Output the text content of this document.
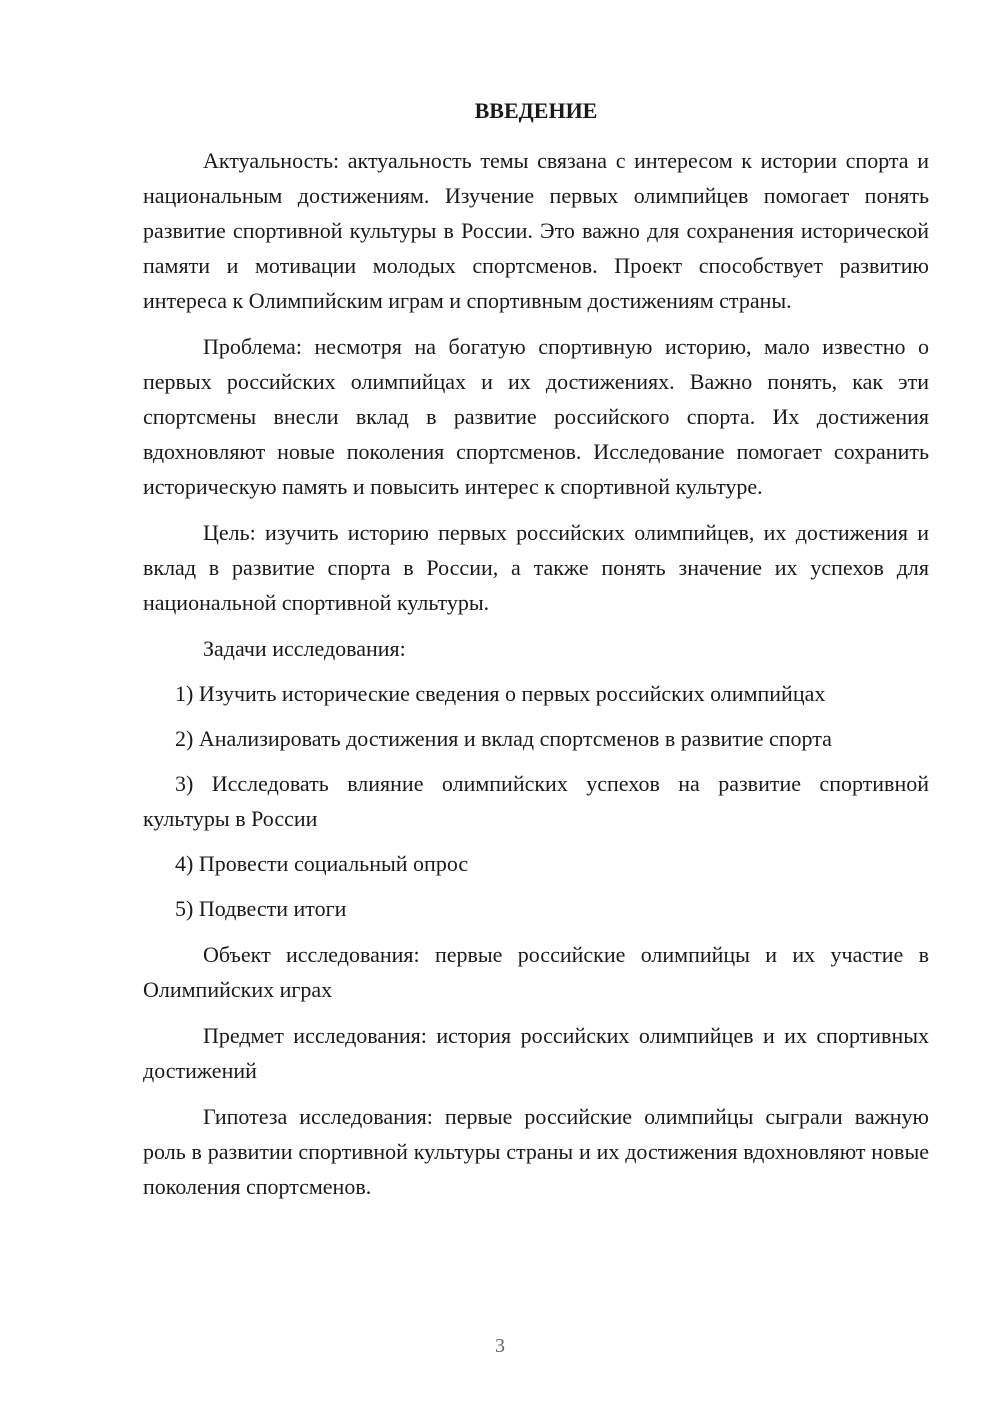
ВВЕДЕНИЕ

Актуальность: актуальность темы связана с интересом к истории спорта и национальным достижениям. Изучение первых олимпийцев помогает понять развитие спортивной культуры в России. Это важно для сохранения исторической памяти и мотивации молодых спортсменов. Проект способствует развитию интереса к Олимпийским играм и спортивным достижениям страны.

Проблема: несмотря на богатую спортивную историю, мало известно о первых российских олимпийцах и их достижениях. Важно понять, как эти спортсмены внесли вклад в развитие российского спорта. Их достижения вдохновляют новые поколения спортсменов. Исследование помогает сохранить историческую память и повысить интерес к спортивной культуре.

Цель: изучить историю первых российских олимпийцев, их достижения и вклад в развитие спорта в России, а также понять значение их успехов для национальной спортивной культуры.

Задачи исследования:

1) Изучить исторические сведения о первых российских олимпийцах

2) Анализировать достижения и вклад спортсменов в развитие спорта

3) Исследовать влияние олимпийских успехов на развитие спортивной культуры в России

4) Провести социальный опрос

5) Подвести итоги

Объект исследования: первые российские олимпийцы и их участие в Олимпийских играх

Предмет исследования: история российских олимпийцев и их спортивных достижений

Гипотеза исследования: первые российские олимпийцы сыграли важную роль в развитии спортивной культуры страны и их достижения вдохновляют новые поколения спортсменов.

3
